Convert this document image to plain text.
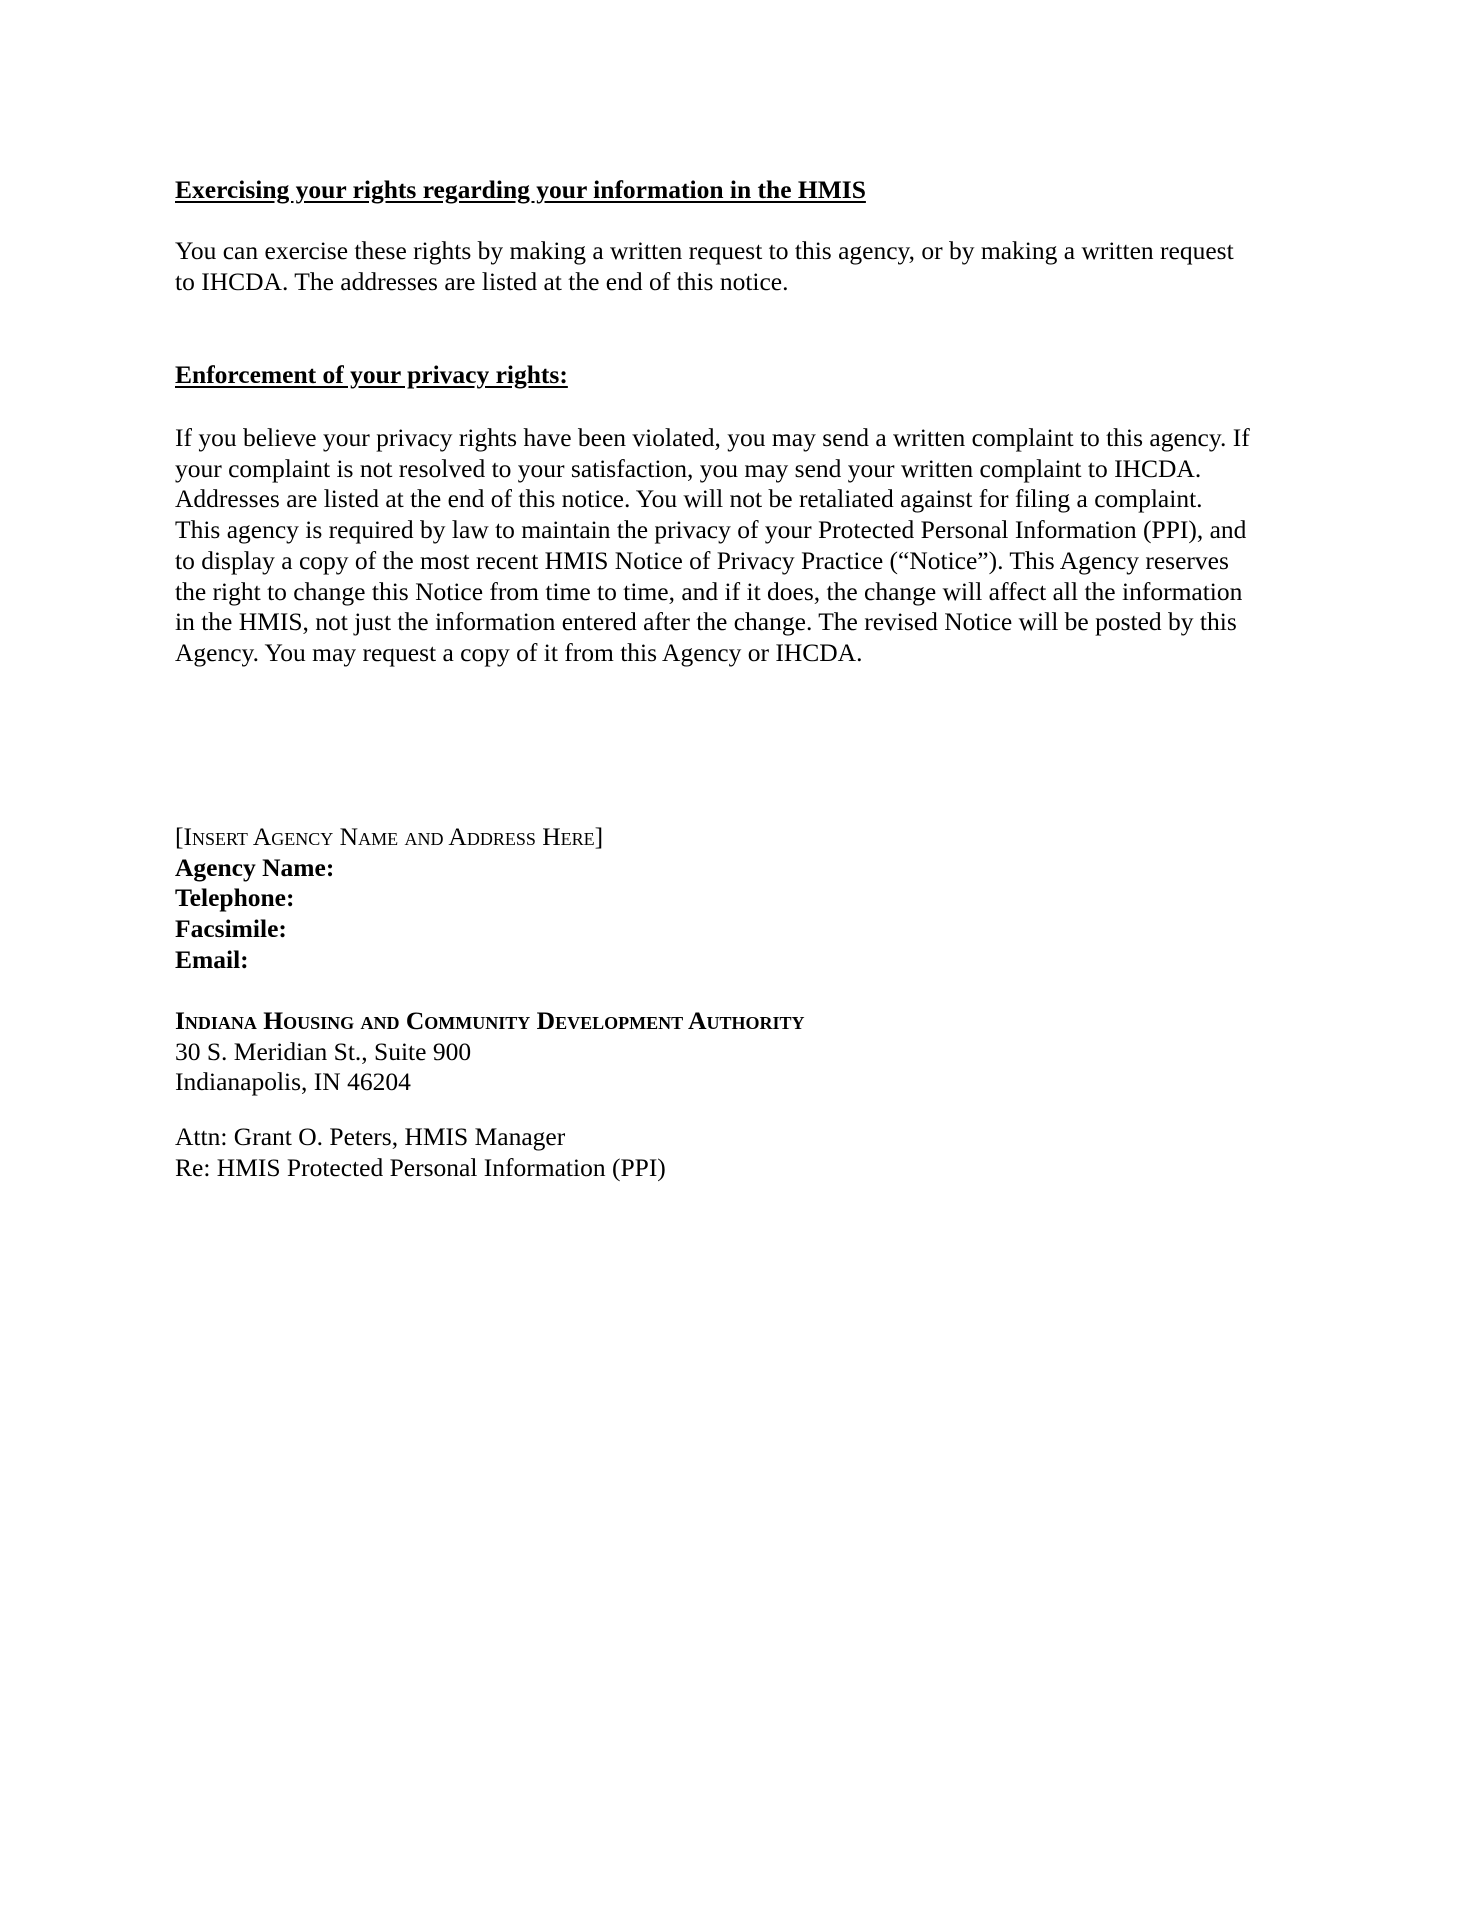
Exercising your rights regarding your information in the HMIS
You can exercise these rights by making a written request to this agency, or by making a written request
to IHCDA. The addresses are listed at the end of this notice.
Enforcement of your privacy rights:
If you believe your privacy rights have been violated, you may send a written complaint to this agency. If
your complaint is not resolved to your satisfaction, you may send your written complaint to IHCDA.
Addresses are listed at the end of this notice. You will not be retaliated against for filing a complaint.
This agency is required by law to maintain the privacy of your Protected Personal Information (PPI), and
to display a copy of the most recent HMIS Notice of Privacy Practice (“Notice”). This Agency reserves
the right to change this Notice from time to time, and if it does, the change will affect all the information
in the HMIS, not just the information entered after the change. The revised Notice will be posted by this
Agency. You may request a copy of it from this Agency or IHCDA.
[Insert Agency Name and Address Here]
Agency Name:
Telephone:
Facsimile:
Email:
Indiana Housing and Community Development Authority
30 S. Meridian St., Suite 900
Indianapolis, IN 46204
Attn: Grant O. Peters, HMIS Manager
Re: HMIS Protected Personal Information (PPI)
